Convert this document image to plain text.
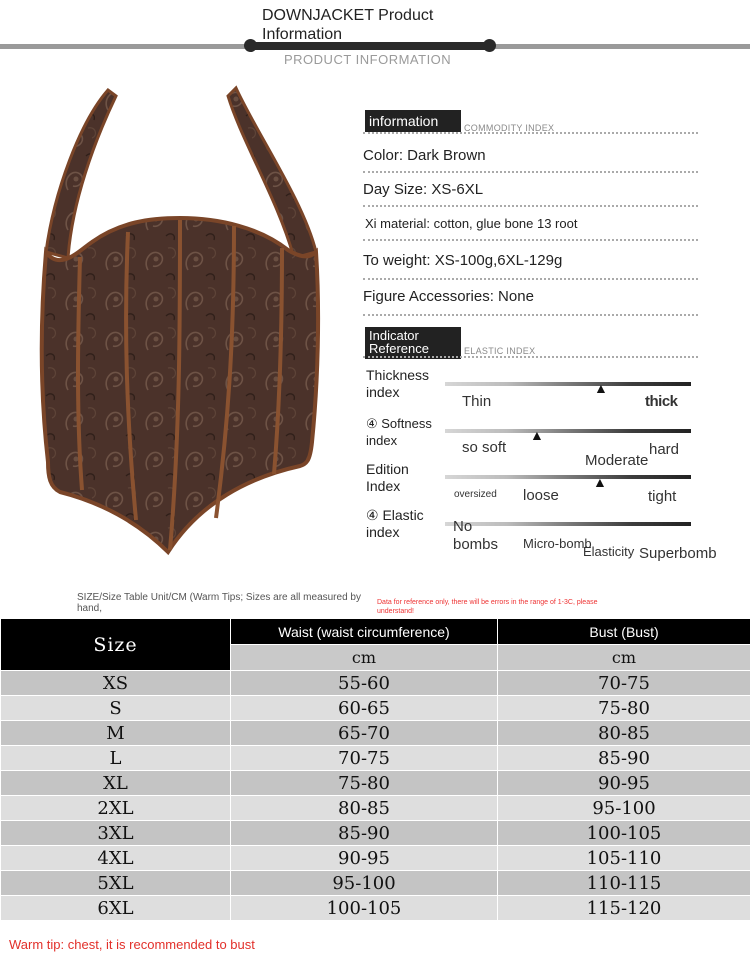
DOWNJACKET Product Information
PRODUCT INFORMATION
information	COMMODITY INDEX
Color: Dark Brown
Day Size: XS-6XL
Xi material: cotton, glue bone 13 root
To weight: XS-100g,6XL-129g
Figure Accessories: None
Indicator Reference	ELASTIC INDEX
Thickness index	▲
Thin	thick
④ Softness index	▲
so soft
Moderate
hard
Edition Index	▲
oversized loose	tight
④ Elastic index	No bombs	Micro-bomb
Elasticity Superbomb
SIZE/Size Table Unit/CM (Warm Tips; Sizes are all measured by hand,
Data for reference only, there will be errors in the range of 1-3C, please understand!
Size	Waist (waist circumference)	Bust (Bust)
	cm	cm
XS	55-60	70-75
S	60-65	75-80
M	65-70	80-85
L	70-75	85-90
XL	75-80	90-95
2XL	80-85	95-100
3XL	85-90	100-105
4XL	90-95	105-110
5XL	95-100	110-115
6XL	100-105	115-120
Warm tip: chest, it is recommended to bust
